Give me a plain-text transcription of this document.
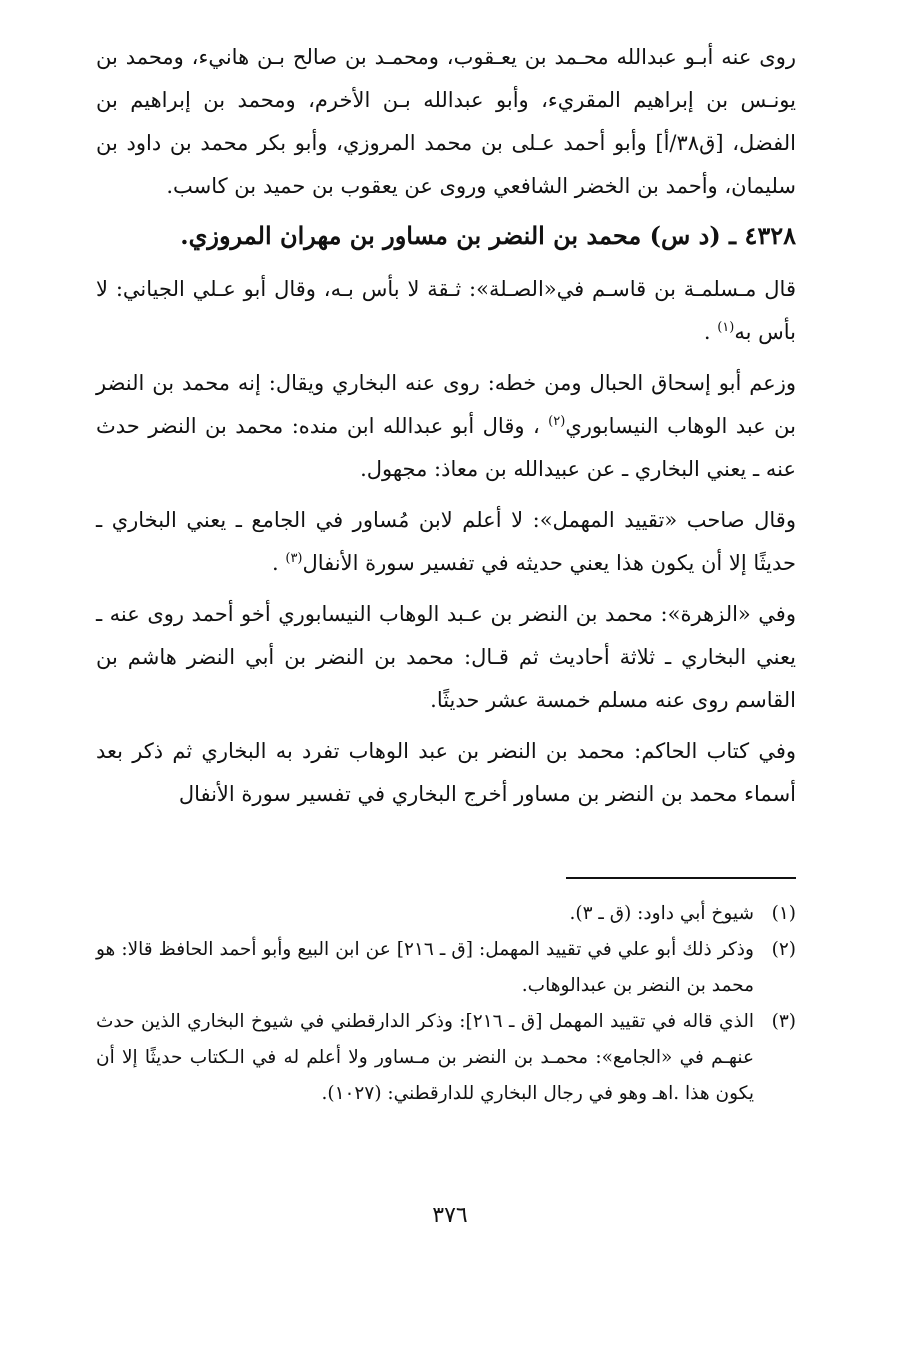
روى عنه أبـو عبدالله محـمد بن يعـقوب، ومحمـد بن صالح بـن هانيء، ومحمد بن يونـس بن إبراهيم المقريء، وأبو عبدالله بـن الأخرم، ومحمد بن إبراهيم بن الفضل، [ق٣٨/أ] وأبو أحمد عـلى بن محمد المروزي، وأبو بكر محمد بن داود بن سليمان، وأحمد بن الخضر الشافعي وروى عن يعقوب بن حميد بن كاسب.

٤٣٢٨ ـ (د س) محمد بن النضر بن مساور بن مهران المروزي.

قال مـسلمـة بن قاسـم في«الصـلة»: ثـقة لا بأس بـه، وقال أبو عـلي الجياني: لا بأس به$^{(١)}$ .

وزعم أبو إسحاق الحبال ومن خطه: روى عنه البخاري ويقال: إنه محمد بن النضر بن عبد الوهاب النيسابوري$^{(٢)}$ ، وقال أبو عبدالله ابن منده: محمد بن النضر حدث عنه ـ يعني البخاري ـ عن عبيدالله بن معاذ: مجهول.

وقال صاحب «تقييد المهمل»: لا أعلم لابن مُساور في الجامع ـ يعني البخاري ـ حديثًا إلا أن يكون هذا يعني حديثه في تفسير سورة الأنفال$^{(٣)}$ .

وفي «الزهرة»: محمد بن النضر بن عـبد الوهاب النيسابوري أخو أحمد روى عنه ـ يعني البخاري ـ ثلاثة أحاديث ثم قـال: محمد بن النضر بن أبي النضر هاشم بن القاسم روى عنه مسلم خمسة عشر حديثًا.

وفي كتاب الحاكم: محمد بن النضر بن عبد الوهاب تفرد به البخاري ثم ذكر بعد أسماء محمد بن النضر بن مساور أخرج البخاري في تفسير سورة الأنفال

(١)
شيوخ أبي داود: (ق ـ ٣).
(٢)
وذكر ذلك أبو علي في تقييد المهمل: [ق ـ ٢١٦] عن ابن البيع وأبو أحمد الحافظ قالا: هو محمد بن النضر بن عبدالوهاب.
(٣)
الذي قاله في تقييد المهمل [ق ـ ٢١٦]: وذكر الدارقطني في شيوخ البخاري الذين حدث عنهـم في «الجامع»: محمـد بن النضر بن مـساور ولا أعلم له في الـكتاب حديثًا إلا أن يكون هذا .اهـ وهو في رجال البخاري للدارقطني: (١٠٢٧).
٣٧٦
